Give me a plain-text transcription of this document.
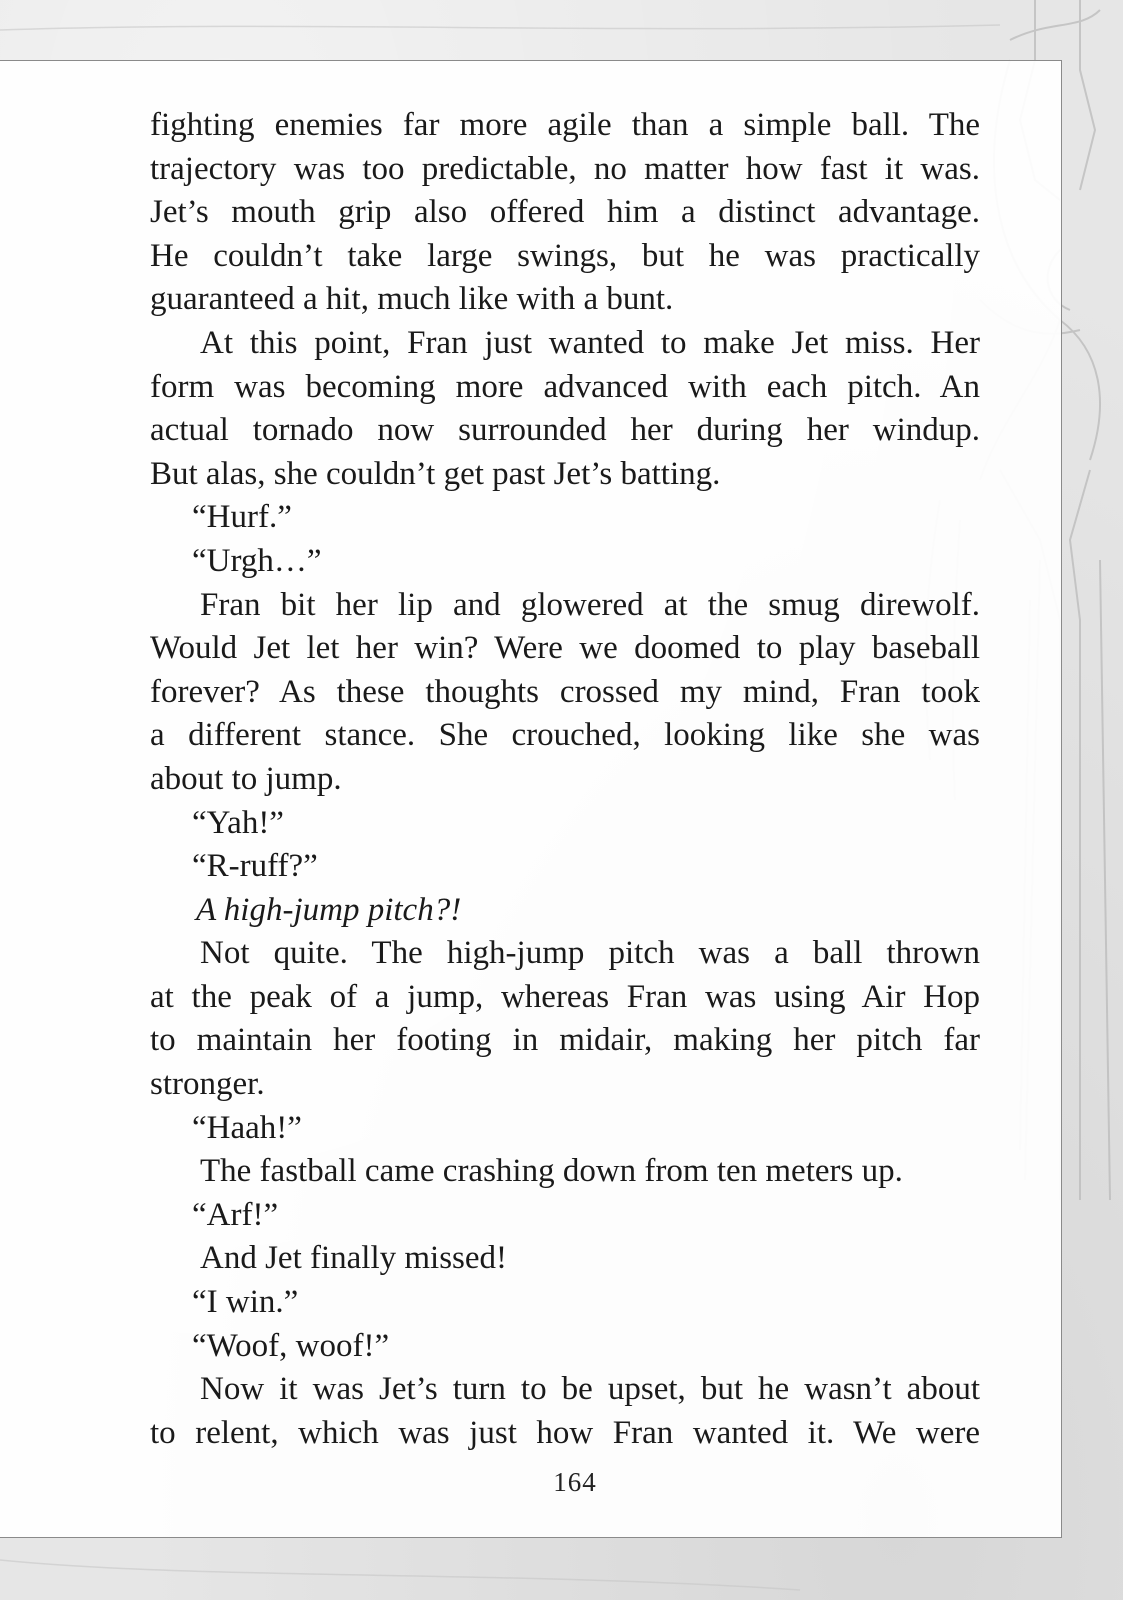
fighting enemies far more agile than a simple ball. The

trajectory was too predictable, no matter how fast it was.

Jet’s mouth grip also offered him a distinct advantage.

He couldn’t take large swings, but he was practically

guaranteed a hit, much like with a bunt.

At this point, Fran just wanted to make Jet miss. Her

form was becoming more advanced with each pitch. An

actual tornado now surrounded her during her windup.

But alas, she couldn’t get past Jet’s batting.

“Hurf.”

“Urgh…”

Fran bit her lip and glowered at the smug direwolf.

Would Jet let her win? Were we doomed to play baseball

forever? As these thoughts crossed my mind, Fran took

a different stance. She crouched, looking like she was

about to jump.

“Yah!”

“R-ruff?”

A high-jump pitch?!

Not quite. The high-jump pitch was a ball thrown

at the peak of a jump, whereas Fran was using Air Hop

to maintain her footing in midair, making her pitch far

stronger.

“Haah!”

The fastball came crashing down from ten meters up.

“Arf!”

And Jet finally missed!

“I win.”

“Woof, woof!”

Now it was Jet’s turn to be upset, but he wasn’t about

to relent, which was just how Fran wanted it. We were

164
